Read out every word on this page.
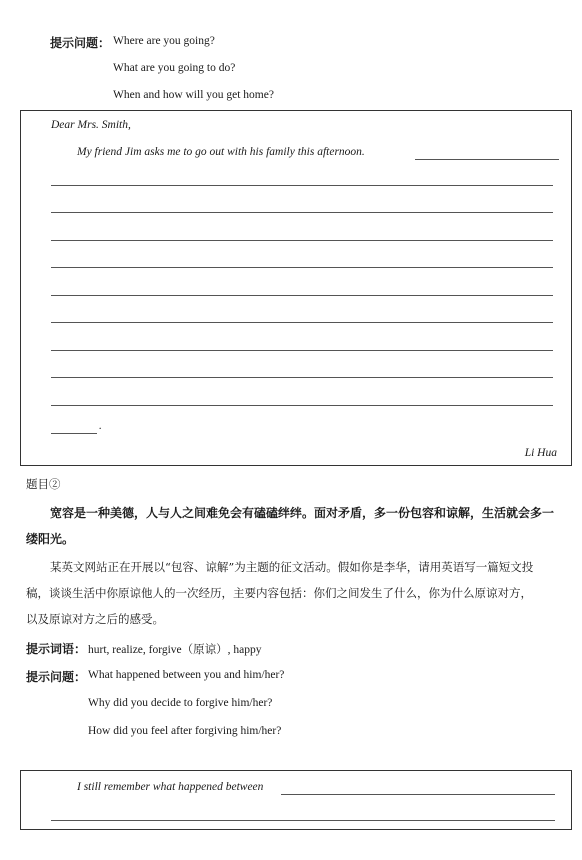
提示问题： Where are you going?
What are you going to do?
When and how will you get home?
Dear Mrs. Smith,
My friend Jim asks me to go out with his family this afternoon.
.
Li Hua
题目②
宽容是一种美德，人与人之间难免会有磕磕绊绊。面对矛盾，多一份包容和谅解，生活就会多一
缕阳光。
某英文网站正在开展以“包容、谅解”为主题的征文活动。假如你是李华，请用英语写一篇短文投
稿，谈谈生活中你原谅他人的一次经历，主要内容包括：你们之间发生了什么，你为什么原谅对方，
以及原谅对方之后的感受。
提示词语： hurt, realize, forgive（原谅）, happy
提示问题： What happened between you and him/her?
Why did you decide to forgive him/her?
How did you feel after forgiving him/her?
I still remember what happened between
